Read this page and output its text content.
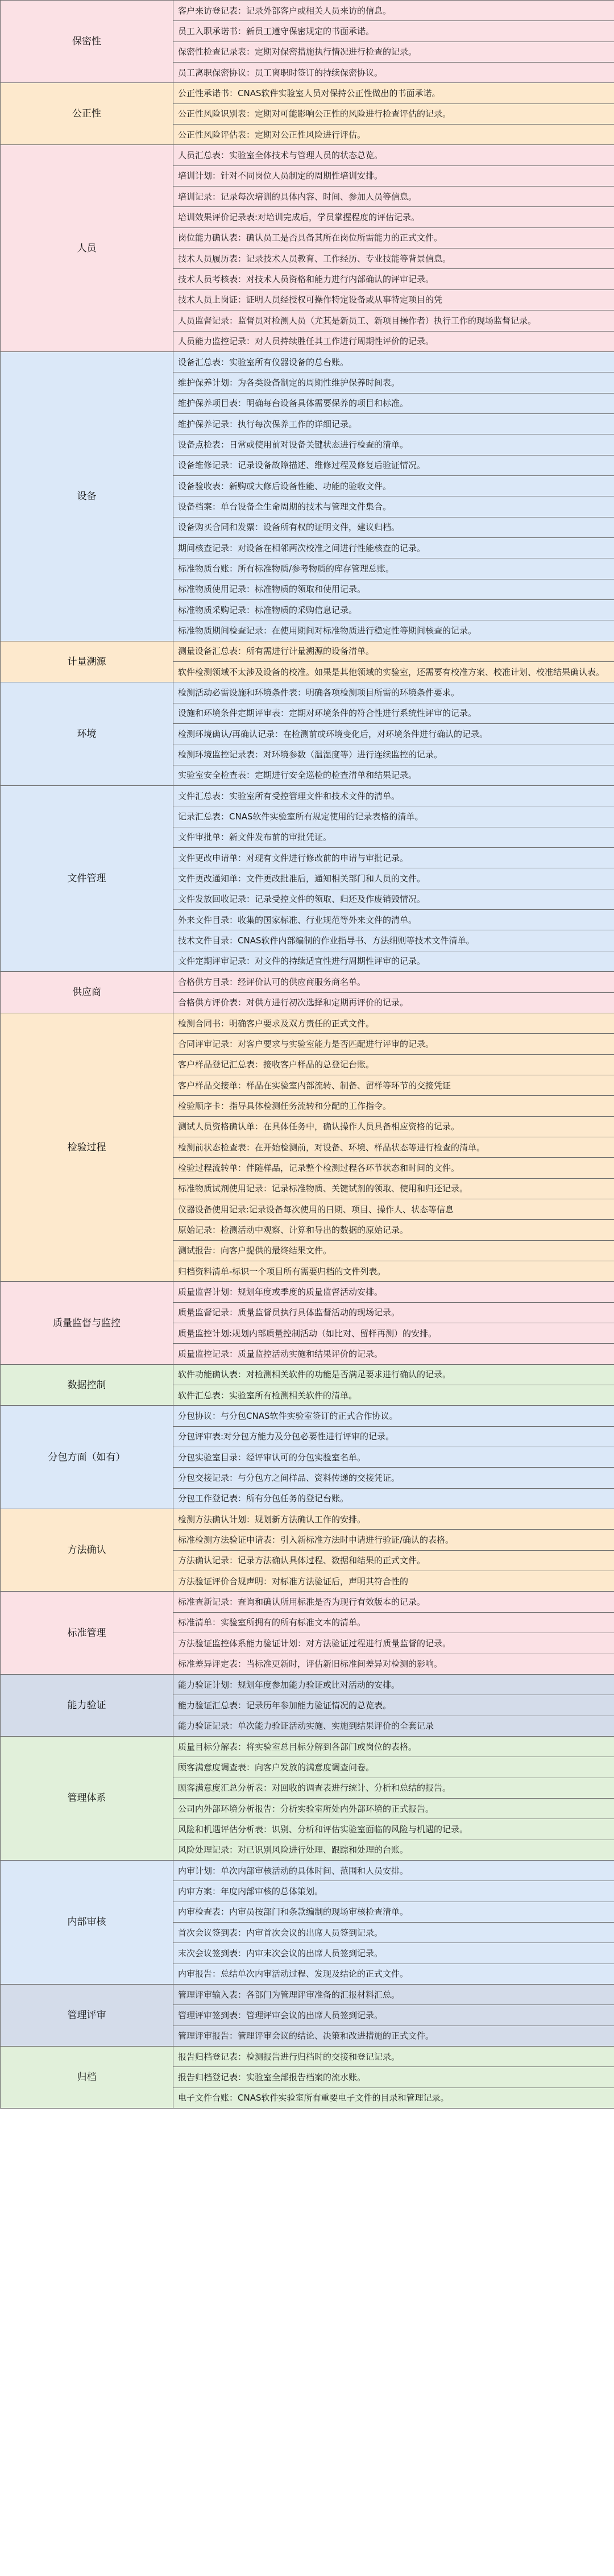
保密性	客户来访登记表：记录外部客户或相关人员来访的信息。
	员工入职承诺书：新员工遵守保密规定的书面承诺。
	保密性检查记录表：定期对保密措施执行情况进行检查的记录。
	员工离职保密协议：员工离职时签订的持续保密协议。
公正性	公正性承诺书：CNAS软件实验室人员对保持公正性做出的书面承诺。
	公正性风险识别表：定期对可能影响公正性的风险进行检查评估的记录。
	公正性风险评估表：定期对公正性风险进行评估。
人员	人员汇总表：实验室全体技术与管理人员的状态总览。
	培训计划：针对不同岗位人员制定的周期性培训安排。
	培训记录：记录每次培训的具体内容、时间、参加人员等信息。
	培训效果评价记录表:对培训完成后，学员掌握程度的评估记录。
	岗位能力确认表：确认员工是否具备其所在岗位所需能力的正式文件。
	技术人员履历表：记录技术人员教育、工作经历、专业技能等背景信息。
	技术人员考核表：对技术人员资格和能力进行内部确认的评审记录。
	技术人员上岗证：证明人员经授权可操作特定设备或从事特定项目的凭
	人员监督记录：监督员对检测人员（尤其是新员工、新项目操作者）执行工作的现场监督记录。
	人员能力监控记录：对人员持续胜任其工作进行周期性评价的记录。
设备	设备汇总表：实验室所有仪器设备的总台账。
	维护保养计划：为各类设备制定的周期性维护保养时间表。
	维护保养项目表：明确每台设备具体需要保养的项目和标准。
	维护保养记录：执行每次保养工作的详细记录。
	设备点检表：日常或使用前对设备关键状态进行检查的清单。
	设备维修记录：记录设备故障描述、维修过程及修复后验证情况。
	设备验收表：新购或大修后设备性能、功能的验收文件。
	设备档案：单台设备全生命周期的技术与管理文件集合。
	设备购买合同和发票：设备所有权的证明文件，建议归档。
	期间核查记录：对设备在相邻两次校准之间进行性能核查的记录。
	标准物质台账：所有标准物质/参考物质的库存管理总账。
	标准物质使用记录：标准物质的领取和使用记录。
	标准物质采购记录：标准物质的采购信息记录。
	标准物质期间检查记录：在使用期间对标准物质进行稳定性等期间核查的记录。
计量溯源	测量设备汇总表：所有需进行计量溯源的设备清单。
	软件检测领域不太涉及设备的校准。如果是其他领域的实验室，还需要有校准方案、校准计划、校准结果确认表。
环境	检测活动必需设施和环境条件表：明确各项检测项目所需的环境条件要求。
	设施和环境条件定期评审表：定期对环境条件的符合性进行系统性评审的记录。
	检测环境确认/再确认记录：在检测前或环境变化后，对环境条件进行确认的记录。
	检测环境监控记录表：对环境参数（温湿度等）进行连续监控的记录。
	实验室安全检查表：定期进行安全巡检的检查清单和结果记录。
文件管理	文件汇总表：实验室所有受控管理文件和技术文件的清单。
	记录汇总表：CNAS软件实验室所有规定使用的记录表格的清单。
	文件审批单：新文件发布前的审批凭证。
	文件更改申请单：对现有文件进行修改前的申请与审批记录。
	文件更改通知单：文件更改批准后，通知相关部门和人员的文件。
	文件发放回收记录：记录受控文件的领取、归还及作废销毁情况。
	外来文件目录：收集的国家标准、行业规范等外来文件的清单。
	技术文件目录：CNAS软件内部编制的作业指导书、方法细则等技术文件清单。
	文件定期评审记录：对文件的持续适宜性进行周期性评审的记录。
供应商	合格供方目录：经评价认可的供应商服务商名单。
	合格供方评价表：对供方进行初次选择和定期再评价的记录。
检验过程	检测合同书：明确客户要求及双方责任的正式文件。
	合同评审记录：对客户要求与实验室能力是否匹配进行评审的记录。
	客户样品登记汇总表：接收客户样品的总登记台账。
	客户样品交接单：样品在实验室内部流转、制备、留样等环节的交接凭证
	检验顺序卡：指导具体检测任务流转和分配的工作指令。
	测试人员资格确认单：在具体任务中，确认操作人员具备相应资格的记录。
	检测前状态检查表：在开始检测前，对设备、环境、样品状态等进行检查的清单。
	检验过程流转单：伴随样品，记录整个检测过程各环节状态和时间的文件。
	标准物质试剂使用记录：记录标准物质、关键试剂的领取、使用和归还记录。
	仪器设备使用记录:记录设备每次使用的日期、项目、操作人、状态等信息
	原始记录：检测活动中观察、计算和导出的数据的原始记录。
	测试报告：向客户提供的最终结果文件。
	归档资料清单-标识一个项目所有需要归档的文件列表。
质量监督与监控	质量监督计划：规划年度或季度的质量监督活动安排。
	质量监督记录：质量监督员执行具体监督活动的现场记录。
	质量监控计划:规划内部质量控制活动（如比对、留样再测）的安排。
	质量监控记录：质量监控活动实施和结果评价的记录。
数据控制	软件功能确认表：对检测相关软件的功能是否满足要求进行确认的记录。
	软件汇总表：实验室所有检测相关软件的清单。
分包方面（如有）	分包协议：与分包CNAS软件实验室签订的正式合作协议。
	分包评审表:对分包方能力及分包必要性进行评审的记录。
	分包实验室目录：经评审认可的分包实验室名单。
	分包交接记录：与分包方之间样品、资料传递的交接凭证。
	分包工作登记表：所有分包任务的登记台账。
方法确认	检测方法确认计划：规划新方法确认工作的安排。
	标准检测方法验证申请表：引入新标准方法时申请进行验证/确认的表格。
	方法确认记录：记录方法确认具体过程、数据和结果的正式文件。
	方法验证评价合规声明：对标准方法验证后，声明其符合性的
标准管理	标准查新记录：查询和确认所用标准是否为现行有效版本的记录。
	标准清单：实验室所拥有的所有标准文本的清单。
	方法验证监控体系能力验证计划：对方法验证过程进行质量监督的记录。
	标准差异评定表：当标准更新时，评估新旧标准间差异对检测的影响。
能力验证	能力验证计划：规划年度参加能力验证或比对活动的安排。
	能力验证汇总表：记录历年参加能力验证情况的总览表。
	能力验证记录：单次能力验证活动实施、实施到结果评价的全套记录
管理体系	质量目标分解表：将实验室总目标分解到各部门或岗位的表格。
	顾客满意度调查表：向客户发放的满意度调查问卷。
	顾客满意度汇总分析表：对回收的调查表进行统计、分析和总结的报告。
	公司内外部环境分析报告：分析实验室所处内外部环境的正式报告。
	风险和机遇评估分析表：识别、分析和评估实验室面临的风险与机遇的记录。
	风险处理记录：对已识别风险进行处理、跟踪和处理的台账。
内部审核	内审计划：单次内部审核活动的具体时间、范围和人员安排。
	内审方案：年度内部审核的总体策划。
	内审检查表：内审员按部门和条款编制的现场审核检查清单。
	首次会议签到表：内审首次会议的出席人员签到记录。
	末次会议签到表：内审末次会议的出席人员签到记录。
	内审报告：总结单次内审活动过程、发现及结论的正式文件。
管理评审	管理评审输入表：各部门为管理评审准备的汇报材料汇总。
	管理评审签到表：管理评审会议的出席人员签到记录。
	管理评审报告：管理评审会议的结论、决策和改进措施的正式文件。
归档	报告归档登记表：检测报告进行归档时的交接和登记记录。
	报告归档登记表：实验室全部报告档案的流水账。
	电子文件台账：CNAS软件实验室所有重要电子文件的目录和管理记录。
